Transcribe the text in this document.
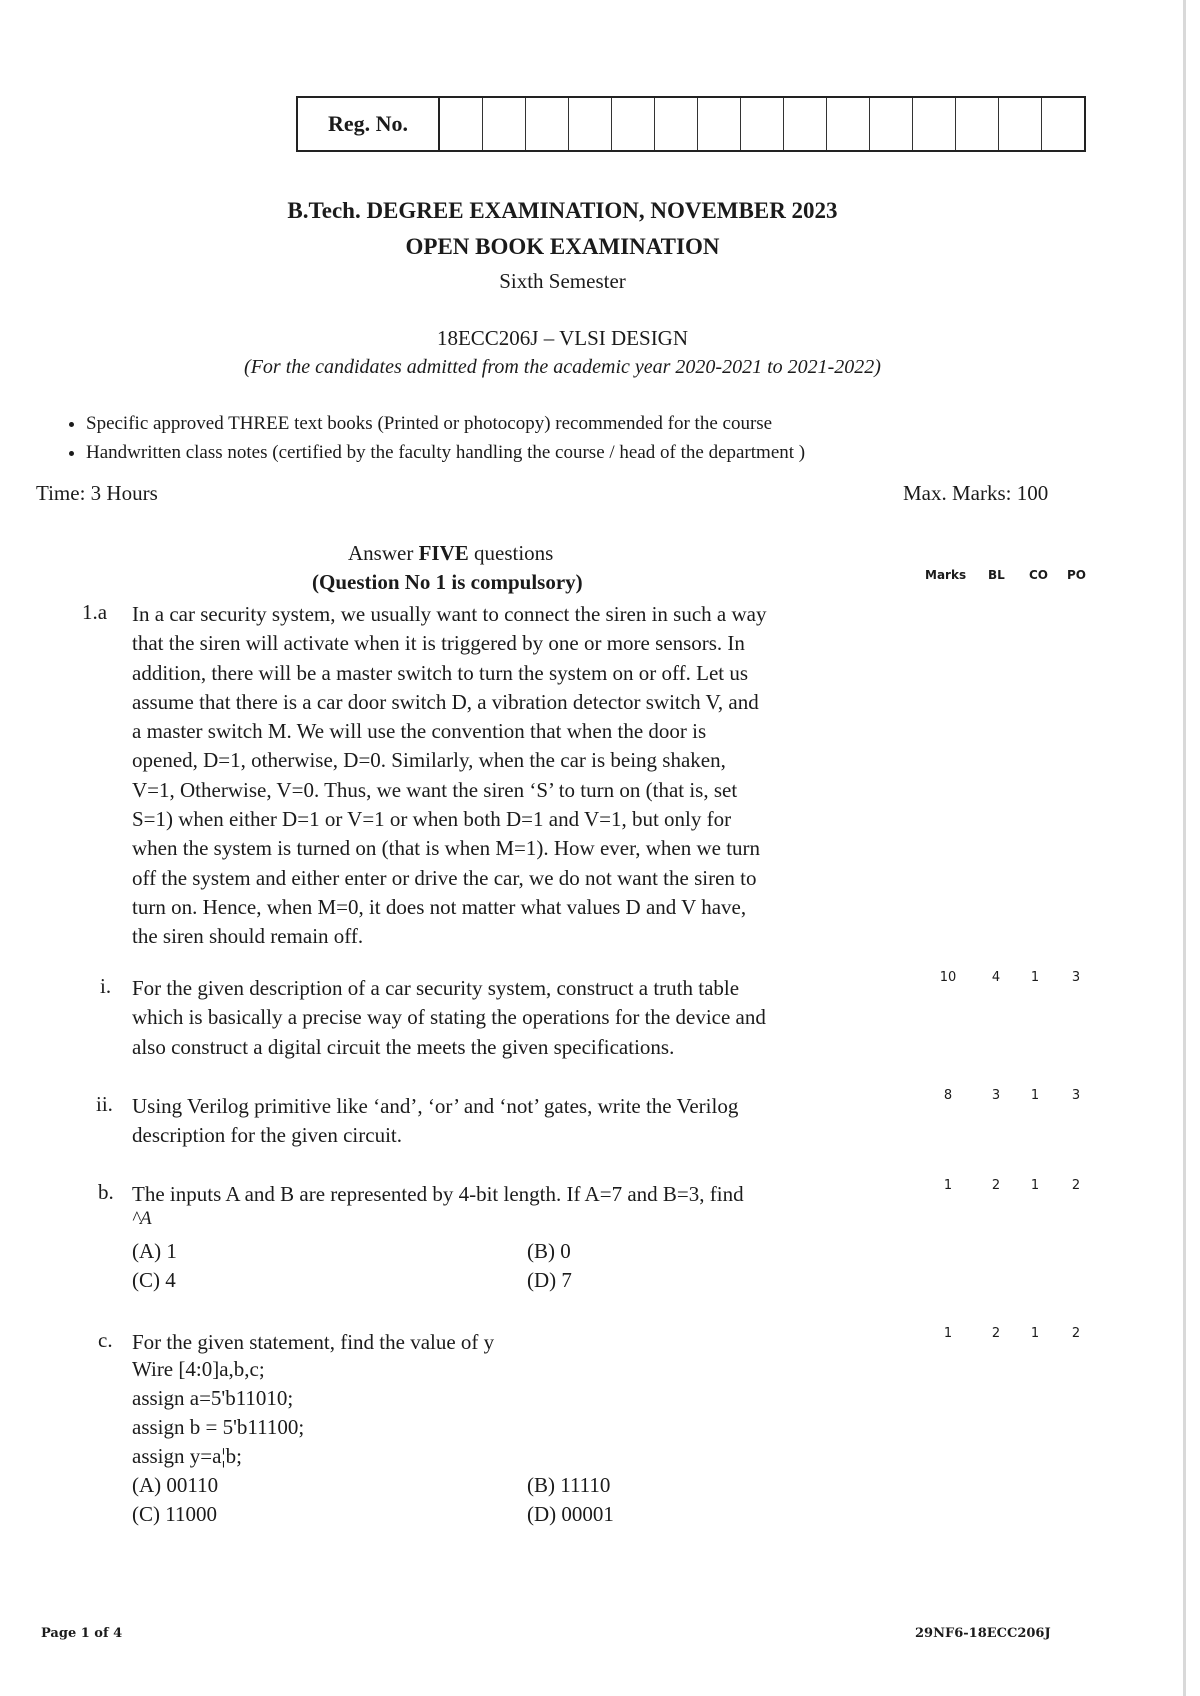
Reg. No.
B.Tech. DEGREE EXAMINATION, NOVEMBER 2023
OPEN BOOK EXAMINATION
Sixth Semester
18ECC206J – VLSI DESIGN
(For the candidates admitted from the academic year 2020-2021 to 2021-2022)
• Specific approved THREE text books (Printed or photocopy) recommended for the course
• Handwritten class notes (certified by the faculty handling the course / head of the department )
Time: 3 Hours	Max. Marks: 100
Answer FIVE questions
(Question No 1 is compulsory)	Marks BL CO PO
1.a In a car security system, we usually want to connect the siren in such a way
that the siren will activate when it is triggered by one or more sensors. In
addition, there will be a master switch to turn the system on or off. Let us
assume that there is a car door switch D, a vibration detector switch V, and
a master switch M. We will use the convention that when the door is
opened, D=1, otherwise, D=0. Similarly, when the car is being shaken,
V=1, Otherwise, V=0. Thus, we want the siren ‘S’ to turn on (that is, set
S=1) when either D=1 or V=1 or when both D=1 and V=1, but only for
when the system is turned on (that is when M=1). How ever, when we turn
off the system and either enter or drive the car, we do not want the siren to
turn on. Hence, when M=0, it does not matter what values D and V have,
the siren should remain off.
i. For the given description of a car security system, construct a truth table
which is basically a precise way of stating the operations for the device and
also construct a digital circuit the meets the given specifications.
10	4	1	3
ii. Using Verilog primitive like ‘and’, ‘or’ and ‘not’ gates, write the Verilog
description for the given circuit.
8	3	1	3
b. The inputs A and B are represented by 4-bit length. If A=7 and B=3, find
^A
(A) 1	(B) 0
(C) 4	(D) 7
1	2	1	2
c. For the given statement, find the value of y
Wire [4:0]a,b,c;
assign a=5'b11010;
assign b = 5'b11100;
assign y=a¦b;
(A) 00110	(B) 11110
(C) 11000	(D) 00001
1	2	1	2
Page 1 of 4	29NF6-18ECC206J
